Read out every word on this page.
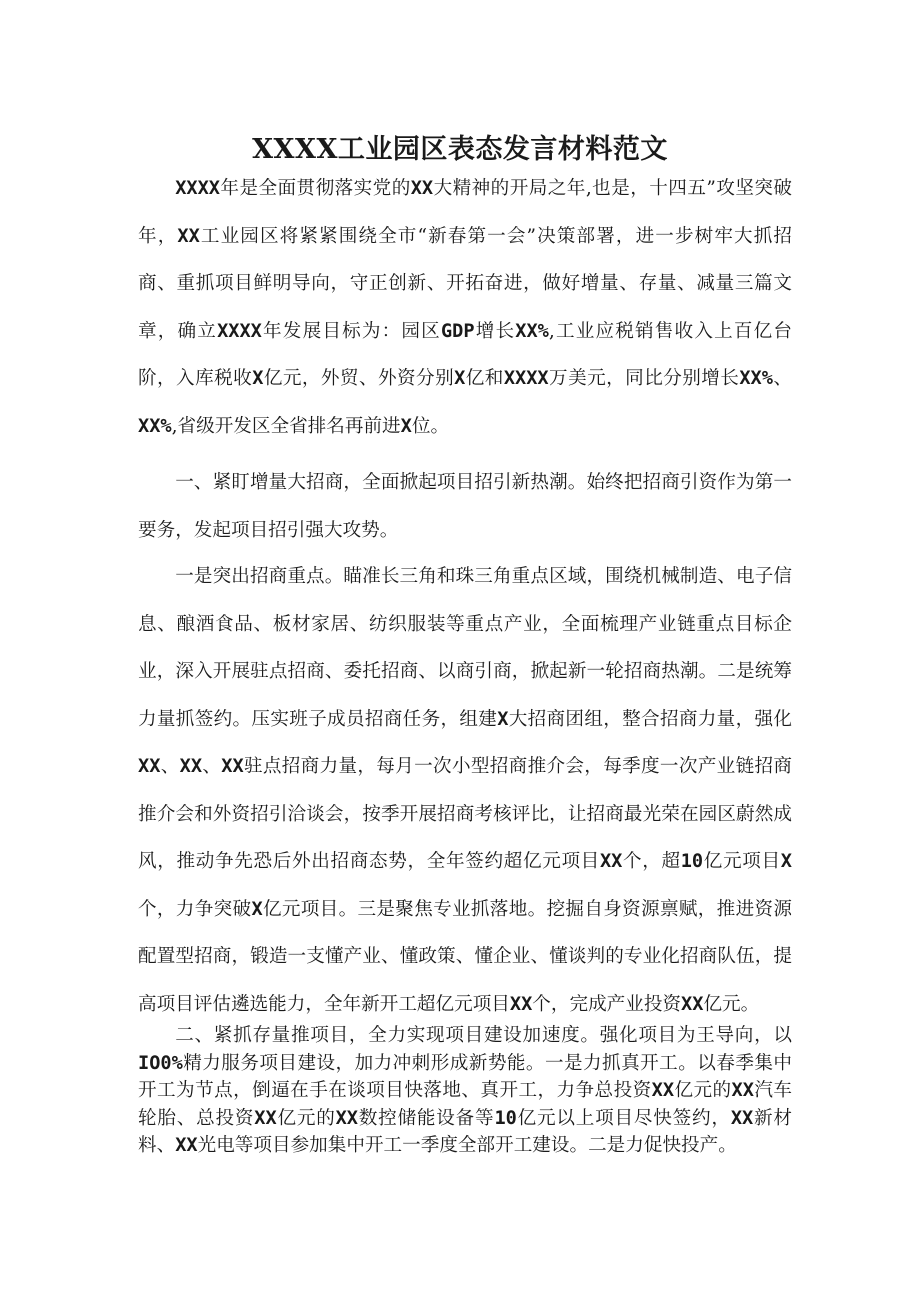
XXXX工业园区表态发言材料范文

XXXX年是全面贯彻落实党的XX大精神的开局之年,也是，十四五”攻坚突破年，XX工业园区将紧紧围绕全市“新春第一会”决策部署，进一步树牢大抓招商、重抓项目鲜明导向，守正创新、开拓奋进，做好增量、存量、减量三篇文章，确立XXXX年发展目标为：园区GDP增长XX%,工业应税销售收入上百亿台阶，入库税收X亿元，外贸、外资分别X亿和XXXX万美元，同比分别增长XX%、XX%,省级开发区全省排名再前进X位。

一、紧盯增量大招商，全面掀起项目招引新热潮。始终把招商引资作为第一要务，发起项目招引强大攻势。

一是突出招商重点。瞄准长三角和珠三角重点区域，围绕机械制造、电子信息、酿酒食品、板材家居、纺织服装等重点产业，全面梳理产业链重点目标企业，深入开展驻点招商、委托招商、以商引商，掀起新一轮招商热潮。二是统筹力量抓签约。压实班子成员招商任务，组建X大招商团组，整合招商力量，强化XX、XX、XX驻点招商力量，每月一次小型招商推介会，每季度一次产业链招商推介会和外资招引洽谈会，按季开展招商考核评比，让招商最光荣在园区蔚然成风，推动争先恐后外出招商态势，全年签约超亿元项目XX个，超10亿元项目X个，力争突破X亿元项目。三是聚焦专业抓落地。挖掘自身资源禀赋，推进资源配置型招商，锻造一支懂产业、懂政策、懂企业、懂谈判的专业化招商队伍，提高项目评估遴选能力，全年新开工超亿元项目XX个，完成产业投资XX亿元。

二、紧抓存量推项目，全力实现项目建设加速度。强化项目为王导向，以IO0%精力服务项目建设，加力冲刺形成新势能。一是力抓真开工。以春季集中开工为节点，倒逼在手在谈项目快落地、真开工，力争总投资XX亿元的XX汽车轮胎、总投资XX亿元的XX数控储能设备等10亿元以上项目尽快签约，XX新材料、XX光电等项目参加集中开工一季度全部开工建设。二是力促快投产。
